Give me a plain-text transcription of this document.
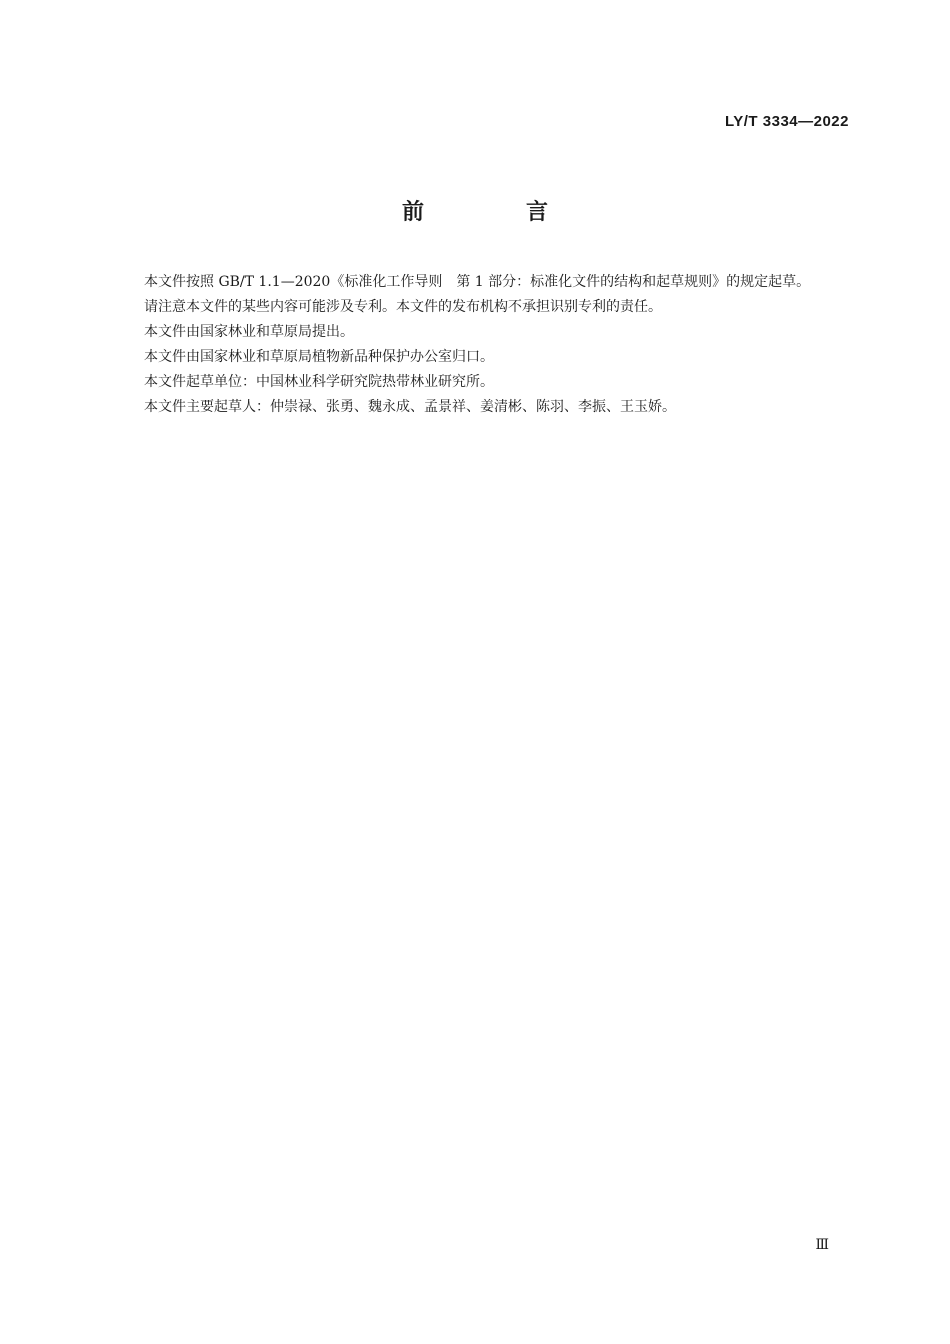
LY/T 3334—2022
前　言

本文件按照 GB/T 1.1—2020《标准化工作导则　第 1 部分：标准化文件的结构和起草规则》的规定起草。

请注意本文件的某些内容可能涉及专利。本文件的发布机构不承担识别专利的责任。

本文件由国家林业和草原局提出。

本文件由国家林业和草原局植物新品种保护办公室归口。

本文件起草单位：中国林业科学研究院热带林业研究所。

本文件主要起草人：仲崇禄、张勇、魏永成、孟景祥、姜清彬、陈羽、李振、王玉娇。

Ⅲ
